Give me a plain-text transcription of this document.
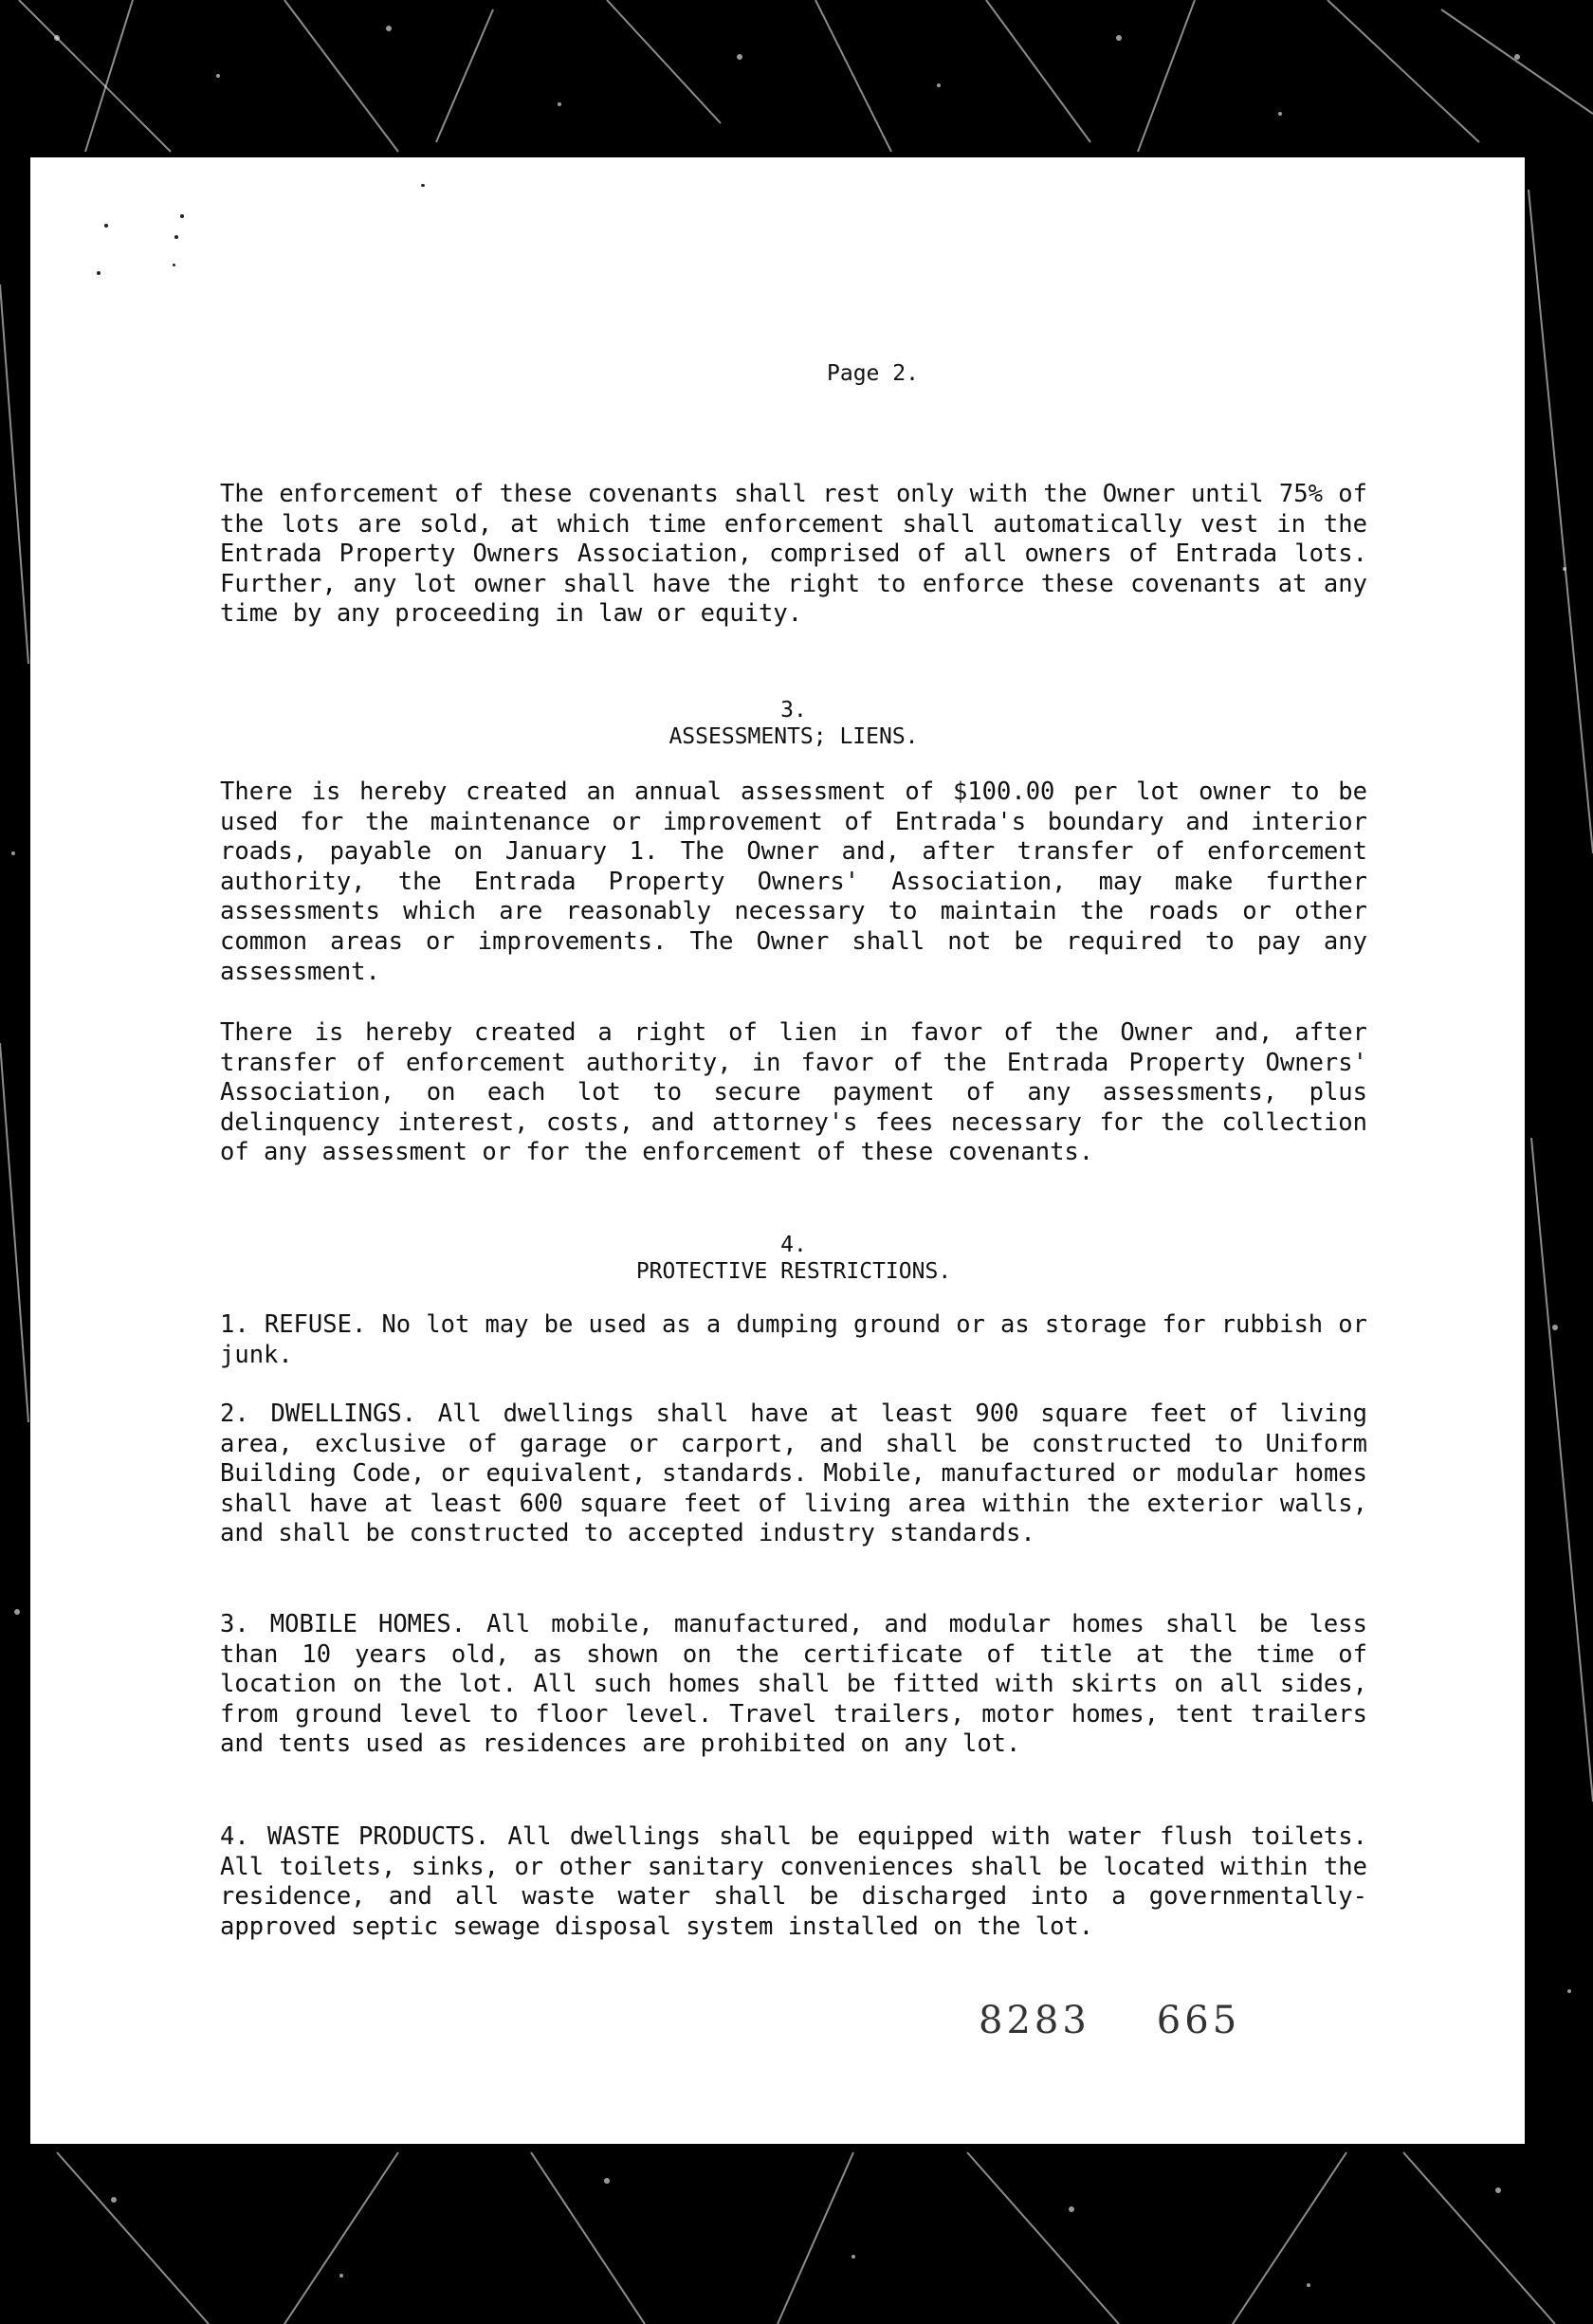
Page 2.

The enforcement of these covenants shall rest only with the Owner until 75% of the lots are sold, at which time enforcement shall automatically vest in the Entrada Property Owners Association, comprised of all owners of Entrada lots. Further, any lot owner shall have the right to enforce these covenants at any time by any proceeding in law or equity.

3.
ASSESSMENTS; LIENS.

There is hereby created an annual assessment of $100.00 per lot owner to be used for the maintenance or improvement of Entrada's boundary and interior roads, payable on January 1. The Owner and, after transfer of enforcement authority, the Entrada Property Owners' Association, may make further assessments which are reasonably necessary to maintain the roads or other common areas or improvements. The Owner shall not be required to pay any assessment.

There is hereby created a right of lien in favor of the Owner and, after transfer of enforcement authority, in favor of the Entrada Property Owners' Association, on each lot to secure payment of any assessments, plus delinquency interest, costs, and attorney's fees necessary for the collection of any assessment or for the enforcement of these covenants.

4.
PROTECTIVE RESTRICTIONS.

1. REFUSE. No lot may be used as a dumping ground or as storage for rubbish or junk.

2. DWELLINGS. All dwellings shall have at least 900 square feet of living area, exclusive of garage or carport, and shall be constructed to Uniform Building Code, or equivalent, standards. Mobile, manufactured or modular homes shall have at least 600 square feet of living area within the exterior walls, and shall be constructed to accepted industry standards.

3. MOBILE HOMES. All mobile, manufactured, and modular homes shall be less than 10 years old, as shown on the certificate of title at the time of location on the lot. All such homes shall be fitted with skirts on all sides, from ground level to floor level. Travel trailers, motor homes, tent trailers and tents used as residences are prohibited on any lot.

4. WASTE PRODUCTS. All dwellings shall be equipped with water flush toilets. All toilets, sinks, or other sanitary conveniences shall be located within the residence, and all waste water shall be discharged into a governmentally-approved septic sewage disposal system installed on the lot.

8283 665
